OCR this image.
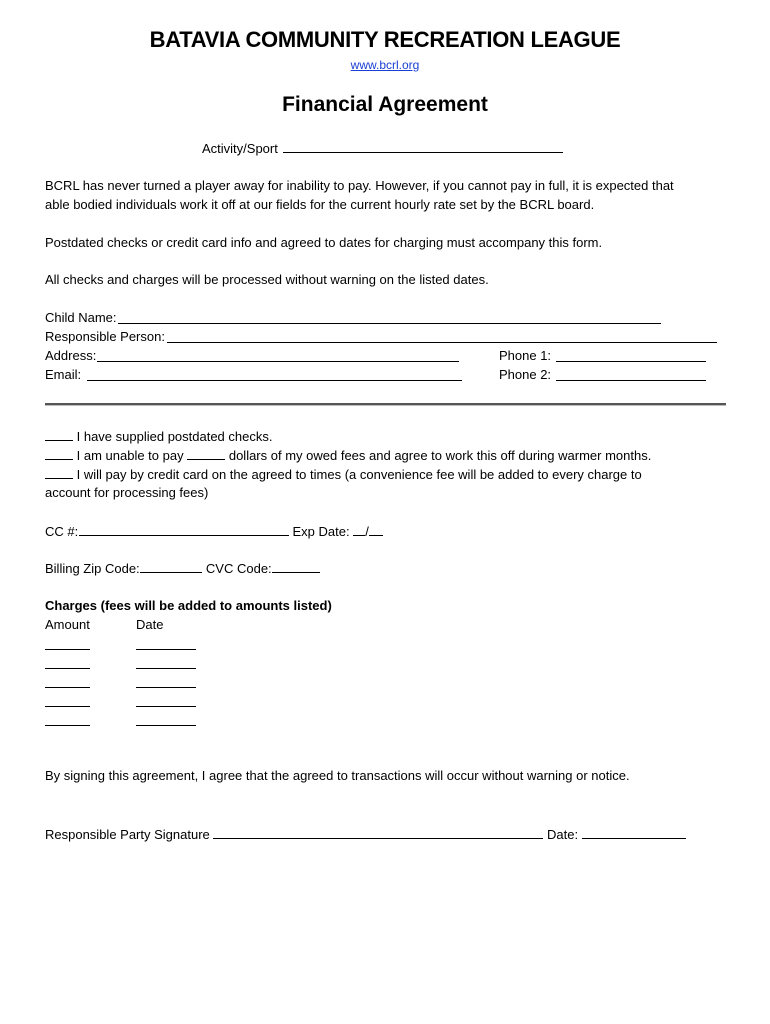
BATAVIA COMMUNITY RECREATION LEAGUE
www.bcrl.org
Financial Agreement
Activity/Sport
BCRL has never turned a player away for inability to pay. However, if you cannot pay in full, it is expected that
able bodied individuals work it off at our fields for the current hourly rate set by the BCRL board.
Postdated checks or credit card info and agreed to dates for charging must accompany this form.
All checks and charges will be processed without warning on the listed dates.
Child Name:
Responsible Person:
Address:
Email:
Phone 1:
Phone 2:
I have supplied postdated checks.
I am unable to pay	dollars of my owed fees and agree to work this off during warmer months.
I will pay by credit card on the agreed to times (a convenience fee will be added to every charge to
account for processing fees)
CC #:	Exp Date: /
Billing Zip Code:	CVC Code:
Charges (fees will be added to amounts listed)
Amount	Date
By signing this agreement, I agree that the agreed to transactions will occur without warning or notice.
Responsible Party Signature	Date:
